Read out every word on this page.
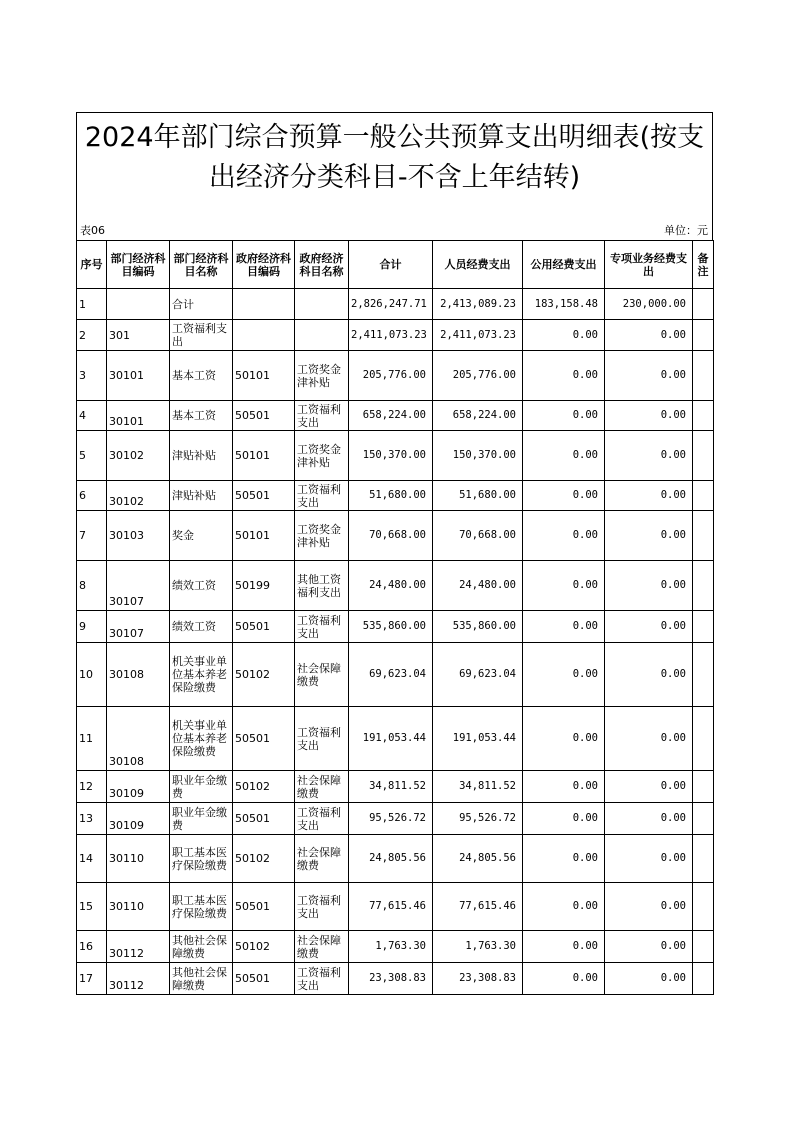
2024年部门综合预算一般公共预算支出明细表(按支出经济分类科目-不含上年结转)
表06	单位：元
序号	部门经济科目编码	部门经济科目名称	政府经济科目编码	政府经济科目名称	合计	人员经费支出	公用经费支出	专项业务经费支出	备注
1		合计			2,826,247.71	2,413,089.23	183,158.48	230,000.00	
2	301	工资福利支出			2,411,073.23	2,411,073.23	0.00	0.00	
3	30101	基本工资	50101	工资奖金津补贴	205,776.00	205,776.00	0.00	0.00	
4	30101	基本工资	50501	工资福利支出	658,224.00	658,224.00	0.00	0.00	
5	30102	津贴补贴	50101	工资奖金津补贴	150,370.00	150,370.00	0.00	0.00	
6	30102	津贴补贴	50501	工资福利支出	51,680.00	51,680.00	0.00	0.00	
7	30103	奖金	50101	工资奖金津补贴	70,668.00	70,668.00	0.00	0.00	
8	30107	绩效工资	50199	其他工资福利支出	24,480.00	24,480.00	0.00	0.00	
9	30107	绩效工资	50501	工资福利支出	535,860.00	535,860.00	0.00	0.00	
10	30108	机关事业单位基本养老保险缴费	50102	社会保障缴费	69,623.04	69,623.04	0.00	0.00	
11	30108	机关事业单位基本养老保险缴费	50501	工资福利支出	191,053.44	191,053.44	0.00	0.00	
12	30109	职业年金缴费	50102	社会保障缴费	34,811.52	34,811.52	0.00	0.00	
13	30109	职业年金缴费	50501	工资福利支出	95,526.72	95,526.72	0.00	0.00	
14	30110	职工基本医疗保险缴费	50102	社会保障缴费	24,805.56	24,805.56	0.00	0.00	
15	30110	职工基本医疗保险缴费	50501	工资福利支出	77,615.46	77,615.46	0.00	0.00	
16	30112	其他社会保障缴费	50102	社会保障缴费	1,763.30	1,763.30	0.00	0.00	
17	30112	其他社会保障缴费	50501	工资福利支出	23,308.83	23,308.83	0.00	0.00	
